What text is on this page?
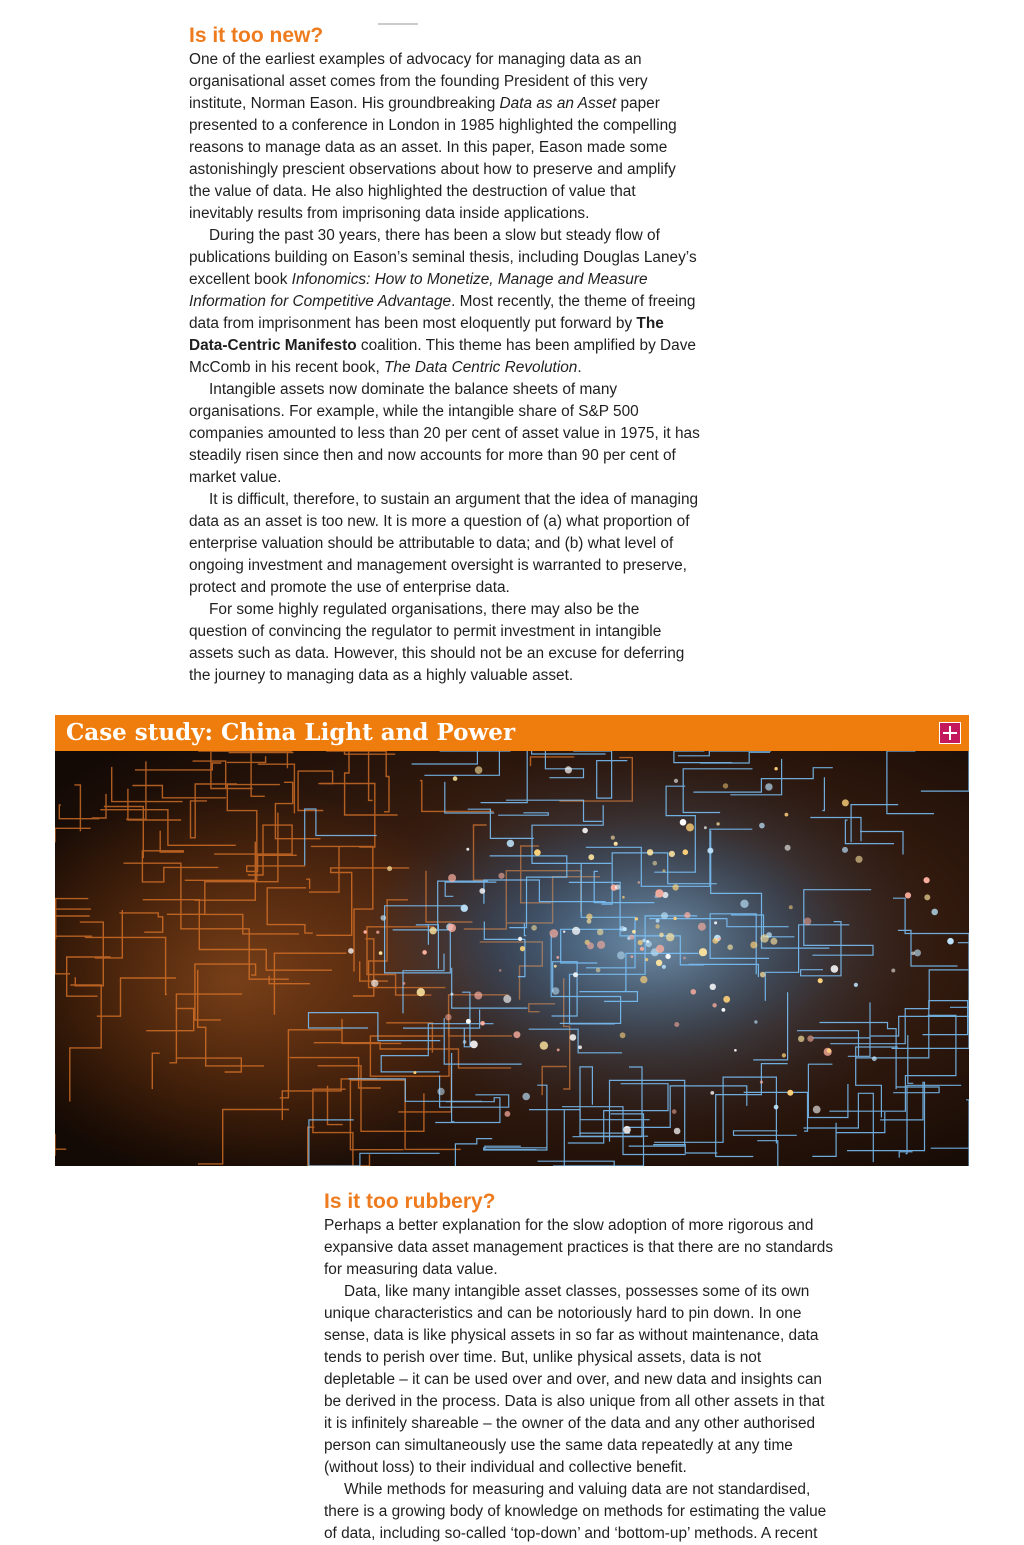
Is it too new?

One of the earliest examples of advocacy for managing data as an organisational asset comes from the founding President of this very institute, Norman Eason. His groundbreaking Data as an Asset paper presented to a conference in London in 1985 highlighted the compelling reasons to manage data as an asset. In this paper, Eason made some astonishingly prescient observations about how to preserve and amplify the value of data. He also highlighted the destruction of value that inevitably results from imprisoning data inside applications.

During the past 30 years, there has been a slow but steady flow of publications building on Eason’s seminal thesis, including Douglas Laney’s excellent book Infonomics: How to Monetize, Manage and Measure Information for Competitive Advantage. Most recently, the theme of freeing data from imprisonment has been most eloquently put forward by The Data-Centric Manifesto coalition. This theme has been amplified by Dave McComb in his recent book, The Data Centric Revolution.

Intangible assets now dominate the balance sheets of many organisations. For example, while the intangible share of S&P 500 companies amounted to less than 20 per cent of asset value in 1975, it has steadily risen since then and now accounts for more than 90 per cent of market value.

It is difficult, therefore, to sustain an argument that the idea of managing data as an asset is too new. It is more a question of (a) what proportion of enterprise valuation should be attributable to data; and (b) what level of ongoing investment and management oversight is warranted to preserve, protect and promote the use of enterprise data.

For some highly regulated organisations, there may also be the question of convincing the regulator to permit investment in intangible assets such as data. However, this should not be an excuse for deferring the journey to managing data as a highly valuable asset.

Case study: China Light and Power
Is it too rubbery?

Perhaps a better explanation for the slow adoption of more rigorous and expansive data asset management practices is that there are no standards for measuring data value.

Data, like many intangible asset classes, possesses some of its own unique characteristics and can be notoriously hard to pin down. In one sense, data is like physical assets in so far as without maintenance, data tends to perish over time. But, unlike physical assets, data is not depletable – it can be used over and over, and new data and insights can be derived in the process. Data is also unique from all other assets in that it is infinitely shareable – the owner of the data and any other authorised person can simultaneously use the same data repeatedly at any time (without loss) to their individual and collective benefit.

While methods for measuring and valuing data are not standardised, there is a growing body of knowledge on methods for estimating the value of data, including so-called ‘top-down’ and ‘bottom-up’ methods. A recent
